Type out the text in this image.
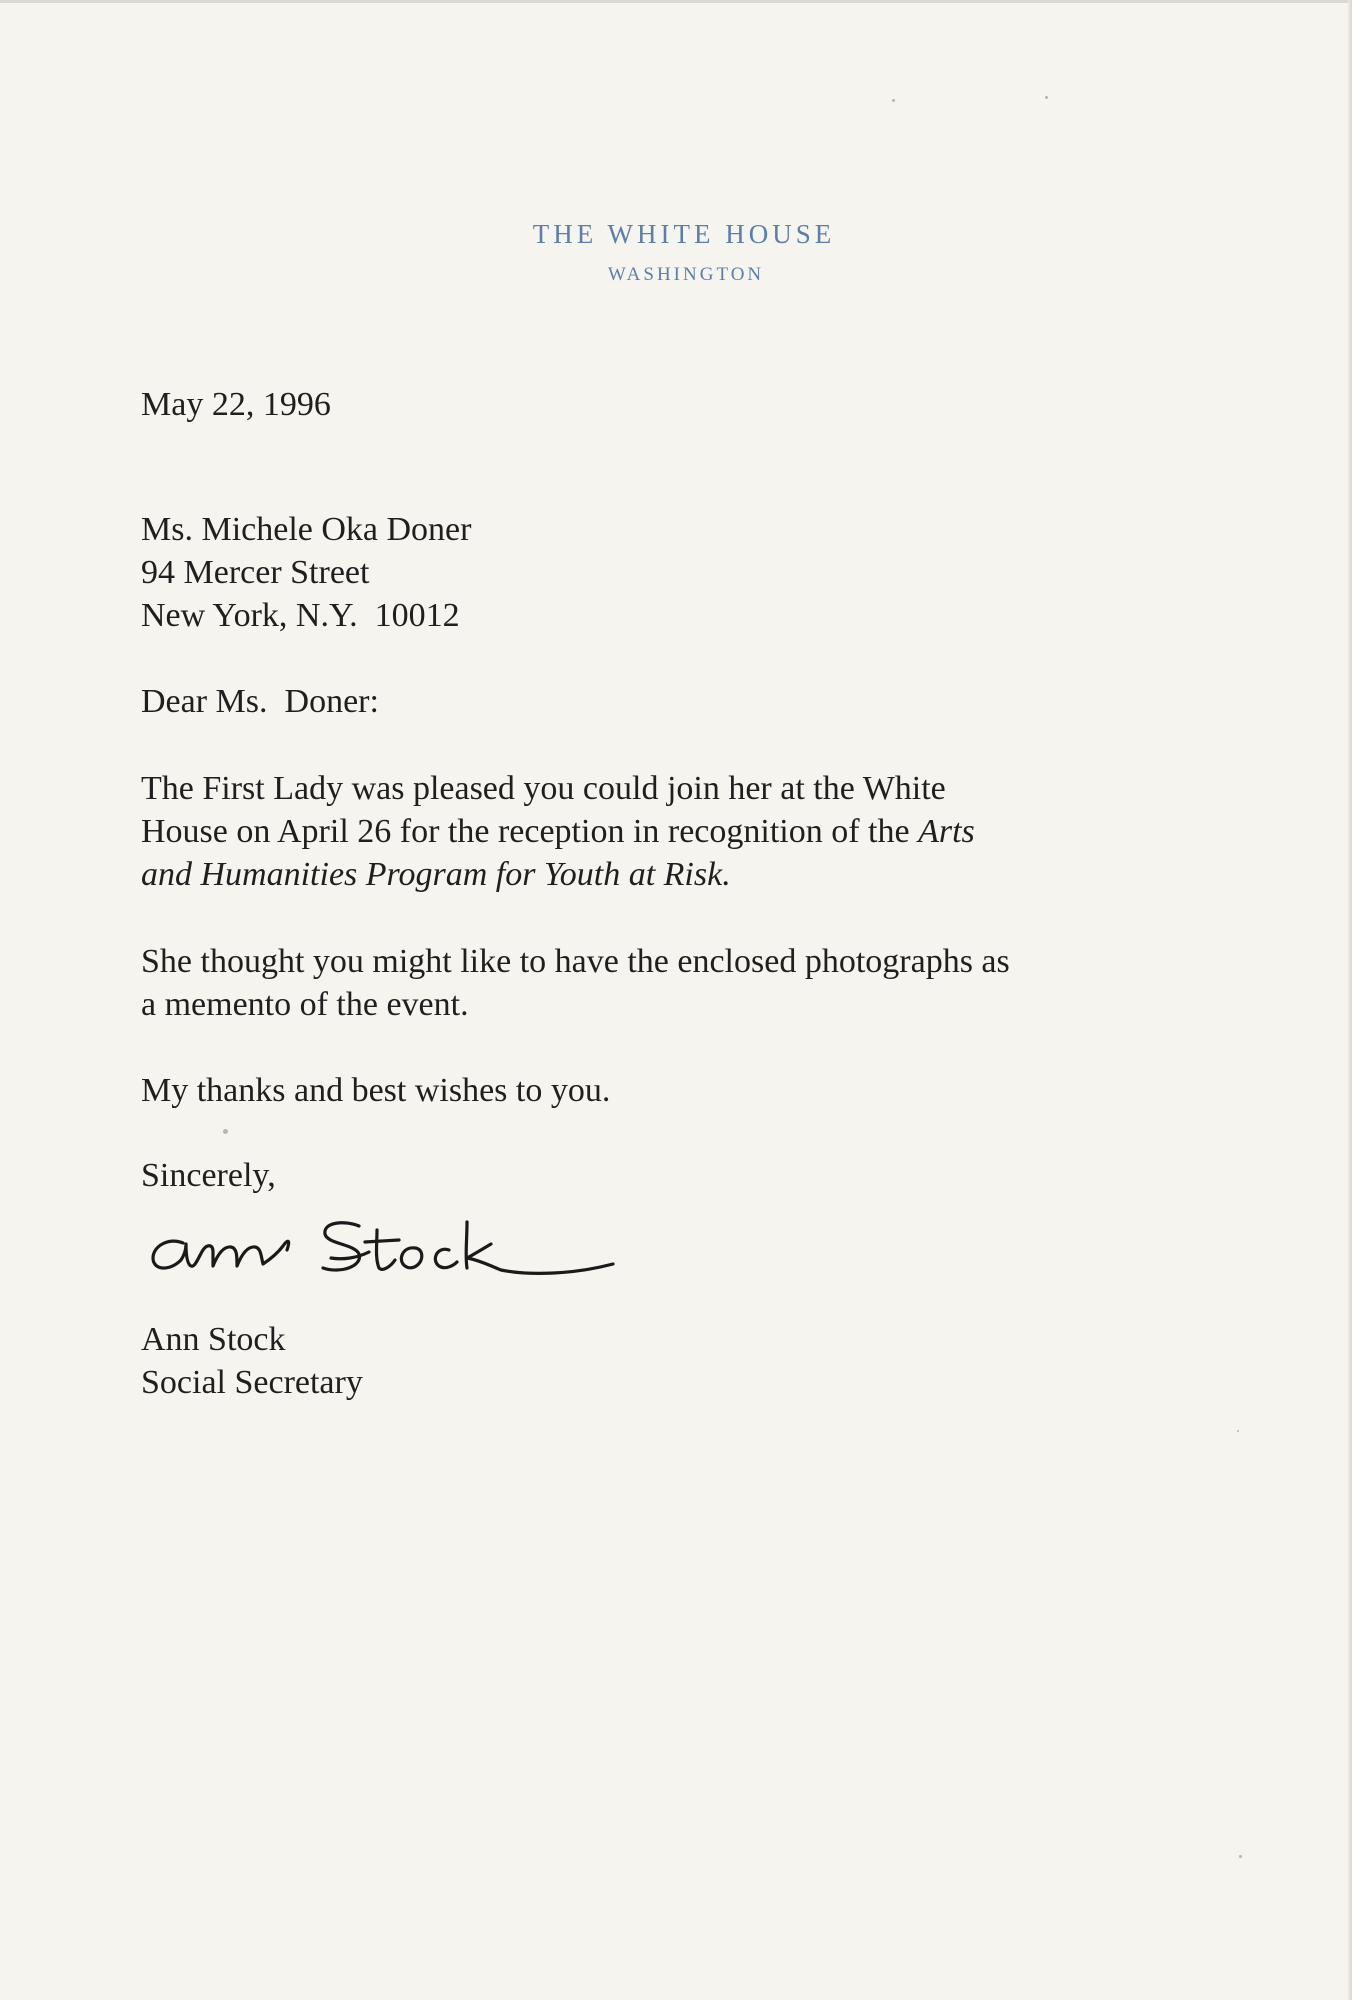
THE WHITE HOUSE
WASHINGTON
May 22, 1996
Ms. Michele Oka Doner
94 Mercer Street
New York, N.Y.  10012
Dear Ms.  Doner:
The First Lady was pleased you could join her at the White
House on April 26 for the reception in recognition of the Arts
and Humanities Program for Youth at Risk.
She thought you might like to have the enclosed photographs as
a memento of the event.
My thanks and best wishes to you.
Sincerely,
Ann Stock
Social Secretary
